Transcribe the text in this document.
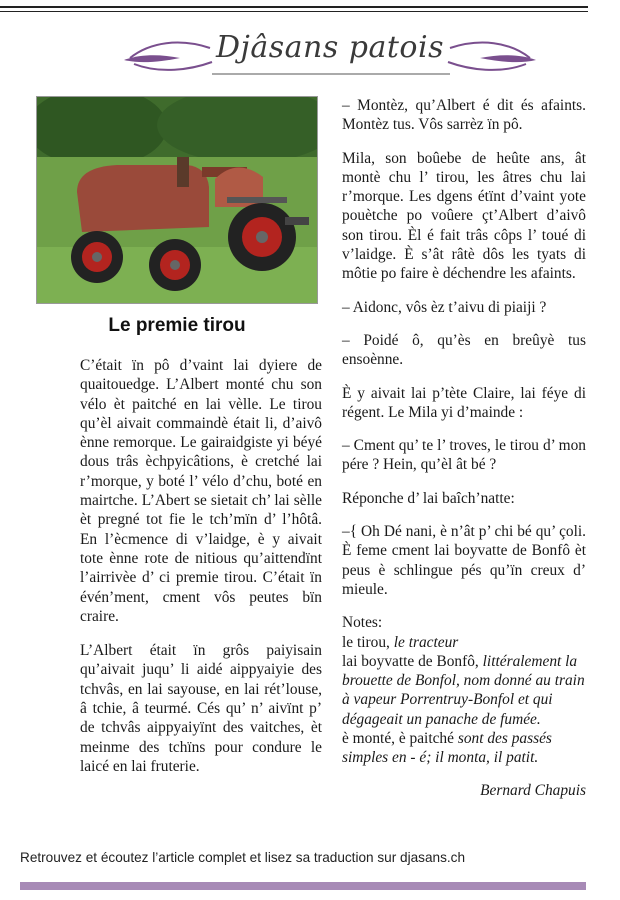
Djâsans patois
Le premie tirou

C’était ïn pô d’vaint lai dyiere de quaitouedge. L’Albert monté chu son vélo èt paitché en lai vèlle. Le tirou qu’èl aivait commaindè était li, d’aivô ènne remorque. Le gairaidgiste yi béyé dous trâs èchpyicâtions, è cretché lai r’morque, y boté l’ vélo d’chu, boté en mairtche. L’Abert se sietait ch’ lai sèlle èt pregné tot fie le tch’mïn d’ l’hôtâ. En l’ècmence di v’laidge, è y aivait tote ènne rote de nitious qu’aittendïnt l’airrivèe d’ ci premie tirou. C’était ïn évén’ment, cment vôs peutes bïn craire.

L’Albert était ïn grôs paiyisain qu’aivait juqu’ li aidé aippyaiyie des tchvâs, en lai sayouse, en lai rét’louse, â tchie, â teurmé. Cés qu’ n’ aivïnt p’ de tchvâs aippyaiyïnt des vaitches, èt meinme des tchïns pour condure le laicé en lai fruterie.

– Montèz, qu’Albert é dit és afaints. Montèz tus. Vôs sarrèz ïn pô.

Mila, son boûebe de heûte ans, ât montè chu l’ tirou, les âtres chu lai r’morque. Les dgens étïnt d’vaint yote pouètche po voûere çt’Albert d’aivô son tirou. Èl é fait trâs côps l’ toué di v’laidge. È s’ât râtè dôs les tyats di môtie po faire è déchendre les afaints.

– Aidonc, vôs èz t’aivu di piaiji ?

– Poidé ô, qu’ès en breûyè tus ensoènne.

È y aivait lai p’tète Claire, lai féye di régent. Le Mila yi d’mainde :

– Cment qu’ te l’ troves, le tirou d’ mon pére ? Hein, qu’èl ât bé ?

Réponche d’ lai baîch’natte:

–{ Oh Dé nani, è n’ât p’ chi bé qu’ çoli. È feme cment lai boyvatte de Bonfô èt peus è schlingue pés qu’ïn creux d’ mieule.

Notes:
le tirou, le tracteur
lai boyvatte de Bonfô, littéralement la brouette de Bonfol, nom donné au train à vapeur Porrentruy-Bonfol et qui dégageait un panache de fumée.
è monté, è paitché sont des passés simples en - é; il monta, il patit.
Bernard Chapuis
Retrouvez et écoutez l’article complet et lisez sa traduction sur djasans.ch
